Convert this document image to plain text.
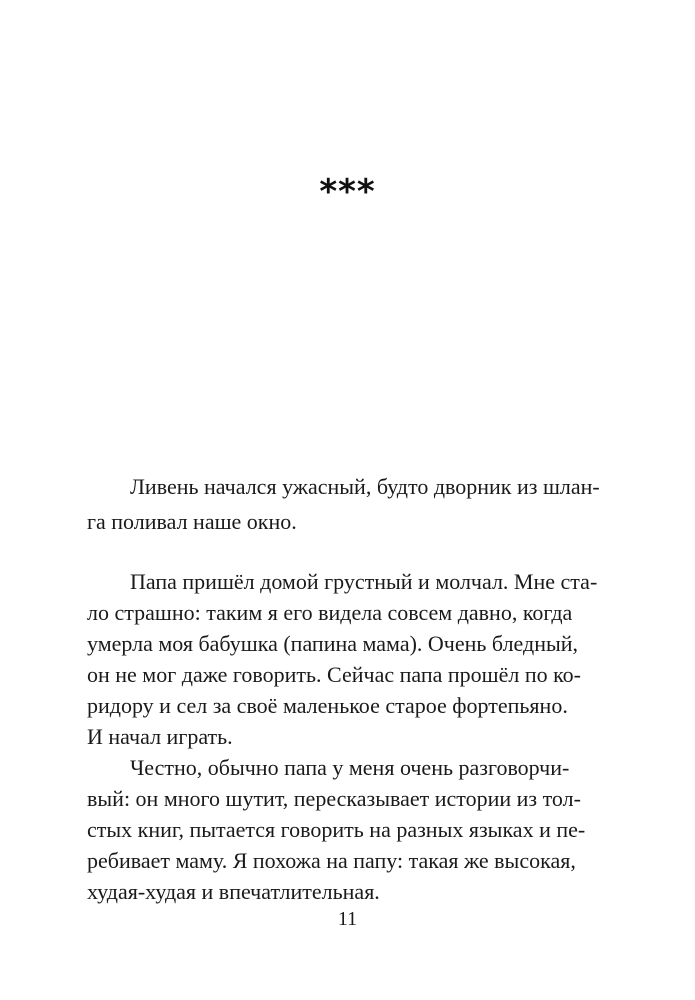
***
Ливень начался ужасный, будто дворник из шлан-
га поливал наше окно.
Папа пришёл домой грустный и молчал. Мне ста-
ло страшно: таким я его видела совсем давно, когда
умерла моя бабушка (папина мама). Очень бледный,
он не мог даже говорить. Сейчас папа прошёл по ко-
ридору и сел за своё маленькое старое фортепьяно.
И начал играть.
Честно, обычно папа у меня очень разговорчи-
вый: он много шутит, пересказывает истории из тол-
стых книг, пытается говорить на разных языках и пе-
ребивает маму. Я похожа на папу: такая же высокая,
худая-худая и впечатлительная.
11
